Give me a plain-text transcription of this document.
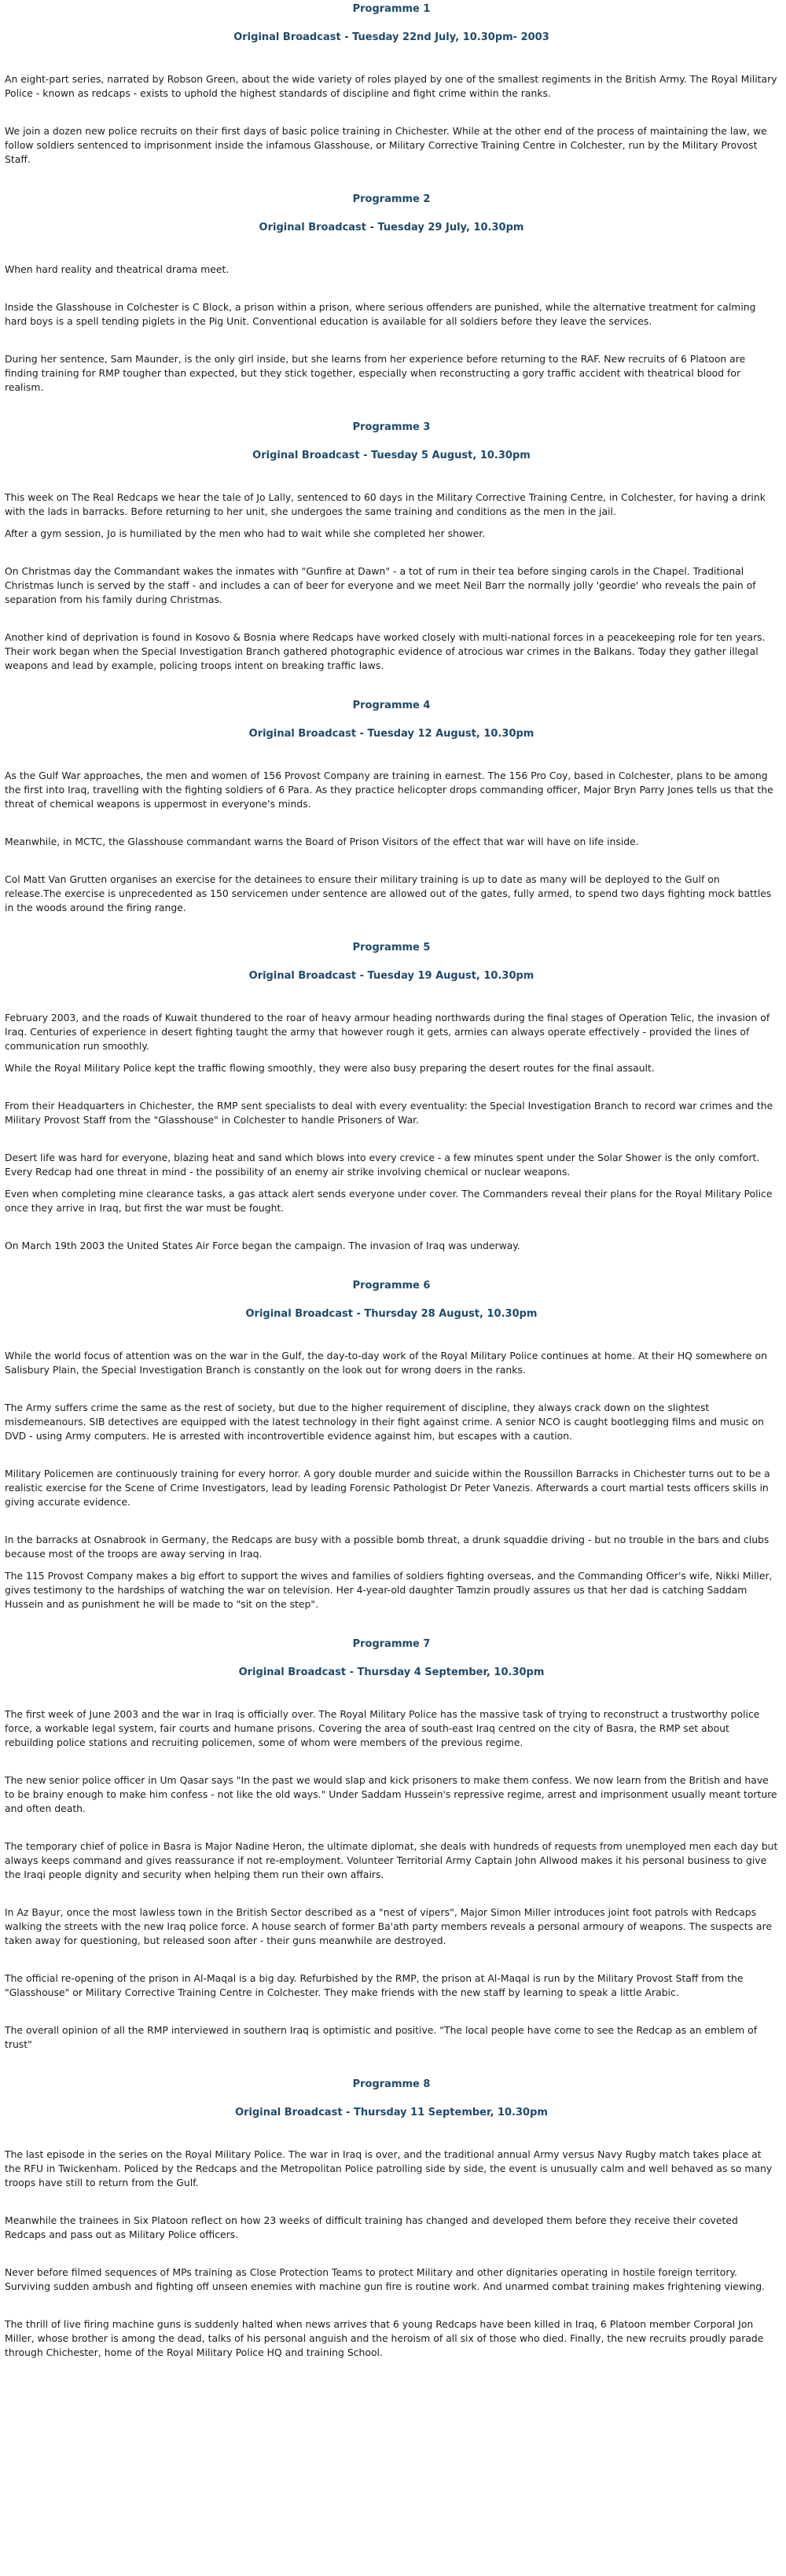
Programme 1
Original Broadcast - Tuesday 22nd July, 10.30pm- 2003

An eight-part series, narrated by Robson Green, about the wide variety of roles played by one of the smallest regiments in the British Army. The Royal Military Police - known as redcaps - exists to uphold the highest standards of discipline and fight crime within the ranks.

We join a dozen new police recruits on their first days of basic police training in Chichester. While at the other end of the process of maintaining the law, we follow soldiers sentenced to imprisonment inside the infamous Glasshouse, or Military Corrective Training Centre in Colchester, run by the Military Provost Staff.

Programme 2
Original Broadcast - Tuesday 29 July, 10.30pm

When hard reality and theatrical drama meet.

Inside the Glasshouse in Colchester is C Block, a prison within a prison, where serious offenders are punished, while the alternative treatment for calming hard boys is a spell tending piglets in the Pig Unit. Conventional education is available for all soldiers before they leave the services.

During her sentence, Sam Maunder, is the only girl inside, but she learns from her experience before returning to the RAF. New recruits of 6 Platoon are finding training for RMP tougher than expected, but they stick together, especially when reconstructing a gory traffic accident with theatrical blood for realism.

Programme 3
Original Broadcast - Tuesday 5 August, 10.30pm

This week on The Real Redcaps we hear the tale of Jo Lally, sentenced to 60 days in the Military Corrective Training Centre, in Colchester, for having a drink with the lads in barracks. Before returning to her unit, she undergoes the same training and conditions as the men in the jail.

After a gym session, Jo is humiliated by the men who had to wait while she completed her shower.

On Christmas day the Commandant wakes the inmates with "Gunfire at Dawn" - a tot of rum in their tea before singing carols in the Chapel. Traditional Christmas lunch is served by the staff - and includes a can of beer for everyone and we meet Neil Barr the normally jolly 'geordie' who reveals the pain of separation from his family during Christmas.

Another kind of deprivation is found in Kosovo & Bosnia where Redcaps have worked closely with multi-national forces in a peacekeeping role for ten years. Their work began when the Special Investigation Branch gathered photographic evidence of atrocious war crimes in the Balkans. Today they gather illegal weapons and lead by example, policing troops intent on breaking traffic laws.

Programme 4
Original Broadcast - Tuesday 12 August, 10.30pm

As the Gulf War approaches, the men and women of 156 Provost Company are training in earnest. The 156 Pro Coy, based in Colchester, plans to be among the first into Iraq, travelling with the fighting soldiers of 6 Para. As they practice helicopter drops commanding officer, Major Bryn Parry Jones tells us that the threat of chemical weapons is uppermost in everyone's minds.

Meanwhile, in MCTC, the Glasshouse commandant warns the Board of Prison Visitors of the effect that war will have on life inside.

Col Matt Van Grutten organises an exercise for the detainees to ensure their military training is up to date as many will be deployed to the Gulf on release.The exercise is unprecedented as 150 servicemen under sentence are allowed out of the gates, fully armed, to spend two days fighting mock battles in the woods around the firing range.

Programme 5
Original Broadcast - Tuesday 19 August, 10.30pm

February 2003, and the roads of Kuwait thundered to the roar of heavy armour heading northwards during the final stages of Operation Telic, the invasion of Iraq. Centuries of experience in desert fighting taught the army that however rough it gets, armies can always operate effectively - provided the lines of communication run smoothly.

While the Royal Military Police kept the traffic flowing smoothly, they were also busy preparing the desert routes for the final assault.

From their Headquarters in Chichester, the RMP sent specialists to deal with every eventuality: the Special Investigation Branch to record war crimes and the Military Provost Staff from the "Glasshouse" in Colchester to handle Prisoners of War.

Desert life was hard for everyone, blazing heat and sand which blows into every crevice - a few minutes spent under the Solar Shower is the only comfort. Every Redcap had one threat in mind - the possibility of an enemy air strike involving chemical or nuclear weapons.

Even when completing mine clearance tasks, a gas attack alert sends everyone under cover. The Commanders reveal their plans for the Royal Military Police once they arrive in Iraq, but first the war must be fought.

On March 19th 2003 the United States Air Force began the campaign. The invasion of Iraq was underway.

Programme 6
Original Broadcast - Thursday 28 August, 10.30pm

While the world focus of attention was on the war in the Gulf, the day-to-day work of the Royal Military Police continues at home. At their HQ somewhere on Salisbury Plain, the Special Investigation Branch is constantly on the look out for wrong doers in the ranks.

The Army suffers crime the same as the rest of society, but due to the higher requirement of discipline, they always crack down on the slightest misdemeanours. SIB detectives are equipped with the latest technology in their fight against crime. A senior NCO is caught bootlegging films and music on DVD - using Army computers. He is arrested with incontrovertible evidence against him, but escapes with a caution.

Military Policemen are continuously training for every horror. A gory double murder and suicide within the Roussillon Barracks in Chichester turns out to be a realistic exercise for the Scene of Crime Investigators, lead by leading Forensic Pathologist Dr Peter Vanezis. Afterwards a court martial tests officers skills in giving accurate evidence.

In the barracks at Osnabrook in Germany, the Redcaps are busy with a possible bomb threat, a drunk squaddie driving - but no trouble in the bars and clubs because most of the troops are away serving in Iraq.

The 115 Provost Company makes a big effort to support the wives and families of soldiers fighting overseas, and the Commanding Officer's wife, Nikki Miller, gives testimony to the hardships of watching the war on television. Her 4-year-old daughter Tamzin proudly assures us that her dad is catching Saddam Hussein and as punishment he will be made to "sit on the step".

Programme 7
Original Broadcast - Thursday 4 September, 10.30pm

The first week of June 2003 and the war in Iraq is officially over. The Royal Military Police has the massive task of trying to reconstruct a trustworthy police force, a workable legal system, fair courts and humane prisons. Covering the area of south-east Iraq centred on the city of Basra, the RMP set about rebuilding police stations and recruiting policemen, some of whom were members of the previous regime.

The new senior police officer in Um Qasar says "In the past we would slap and kick prisoners to make them confess. We now learn from the British and have to be brainy enough to make him confess - not like the old ways." Under Saddam Hussein's repressive regime, arrest and imprisonment usually meant torture and often death.

The temporary chief of police in Basra is Major Nadine Heron, the ultimate diplomat, she deals with hundreds of requests from unemployed men each day but always keeps command and gives reassurance if not re-employment. Volunteer Territorial Army Captain John Allwood makes it his personal business to give the Iraqi people dignity and security when helping them run their own affairs.

In Az Bayur, once the most lawless town in the British Sector described as a "nest of vipers", Major Simon Miller introduces joint foot patrols with Redcaps walking the streets with the new Iraq police force. A house search of former Ba'ath party members reveals a personal armoury of weapons. The suspects are taken away for questioning, but released soon after - their guns meanwhile are destroyed.

The official re-opening of the prison in Al-Maqal is a big day. Refurbished by the RMP, the prison at Al-Maqal is run by the Military Provost Staff from the "Glasshouse" or Military Corrective Training Centre in Colchester. They make friends with the new staff by learning to speak a little Arabic.

The overall opinion of all the RMP interviewed in southern Iraq is optimistic and positive. "The local people have come to see the Redcap as an emblem of trust"

Programme 8
Original Broadcast - Thursday 11 September, 10.30pm

The last episode in the series on the Royal Military Police. The war in Iraq is over, and the traditional annual Army versus Navy Rugby match takes place at the RFU in Twickenham. Policed by the Redcaps and the Metropolitan Police patrolling side by side, the event is unusually calm and well behaved as so many troops have still to return from the Gulf.

Meanwhile the trainees in Six Platoon reflect on how 23 weeks of difficult training has changed and developed them before they receive their coveted Redcaps and pass out as Military Police officers.

Never before filmed sequences of MPs training as Close Protection Teams to protect Military and other dignitaries operating in hostile foreign territory. Surviving sudden ambush and fighting off unseen enemies with machine gun fire is routine work. And unarmed combat training makes frightening viewing.

The thrill of live firing machine guns is suddenly halted when news arrives that 6 young Redcaps have been killed in Iraq, 6 Platoon member Corporal Jon Miller, whose brother is among the dead, talks of his personal anguish and the heroism of all six of those who died. Finally, the new recruits proudly parade through Chichester, home of the Royal Military Police HQ and training School.
